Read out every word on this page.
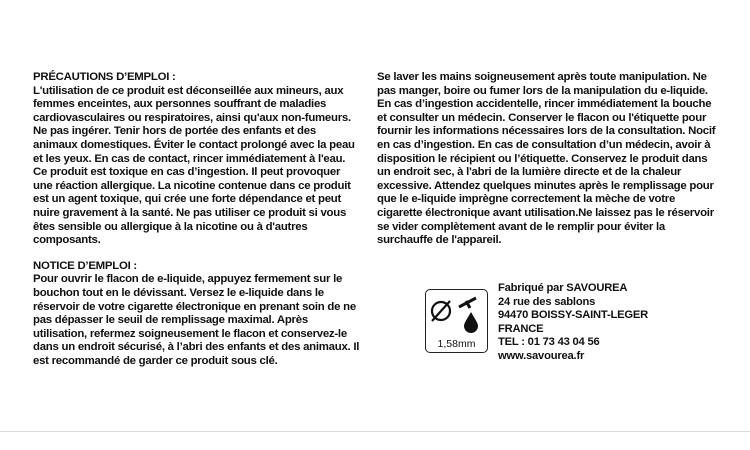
PRÉCAUTIONS D’EMPLOI :

L'utilisation de ce produit est déconseillée aux mineurs, aux femmes enceintes, aux personnes souffrant de maladies cardiovasculaires ou respiratoires, ainsi qu'aux non-fumeurs. Ne pas ingérer. Tenir hors de portée des enfants et des animaux domestiques. Éviter le contact prolongé avec la peau et les yeux. En cas de contact, rincer immédiatement à l'eau. Ce produit est toxique en cas d’ingestion. Il peut provoquer une réaction allergique. La nicotine contenue dans ce produit est un agent toxique, qui crée une forte dépendance et peut nuire gravement à la santé. Ne pas utiliser ce produit si vous êtes sensible ou allergique à la nicotine ou à d'autres composants.

NOTICE D’EMPLOI :

Pour ouvrir le flacon de e-liquide, appuyez fermement sur le bouchon tout en le dévissant. Versez le e-liquide dans le réservoir de votre cigarette électronique en prenant soin de ne pas dépasser le seuil de remplissage maximal. Après utilisation, refermez soigneusement le flacon et conservez-le dans un endroit sécurisé, à l’abri des enfants et des animaux. Il est recommandé de garder ce produit sous clé.

Se laver les mains soigneusement après toute manipulation. Ne pas manger, boire ou fumer lors de la manipulation du e-liquide. En cas d’ingestion accidentelle, rincer immédiatement la bouche et consulter un médecin. Conserver le flacon ou l'étiquette pour fournir les informations nécessaires lors de la consultation. Nocif en cas d’ingestion. En cas de consultation d’un médecin, avoir à disposition le récipient ou l’étiquette. Conservez le produit dans un endroit sec, à l'abri de la lumière directe et de la chaleur excessive. Attendez quelques minutes après le remplissage pour que le e-liquide imprègne correctement la mèche de votre cigarette électronique avant utilisation.Ne laissez pas le réservoir se vider complètement avant de le remplir pour éviter la surchauffe de l'appareil.

1,58mm
Fabriqué par SAVOUREA
24 rue des sablons
94470 BOISSY-SAINT-LEGER
FRANCE
TEL : 01 73 43 04 56
www.savourea.fr
